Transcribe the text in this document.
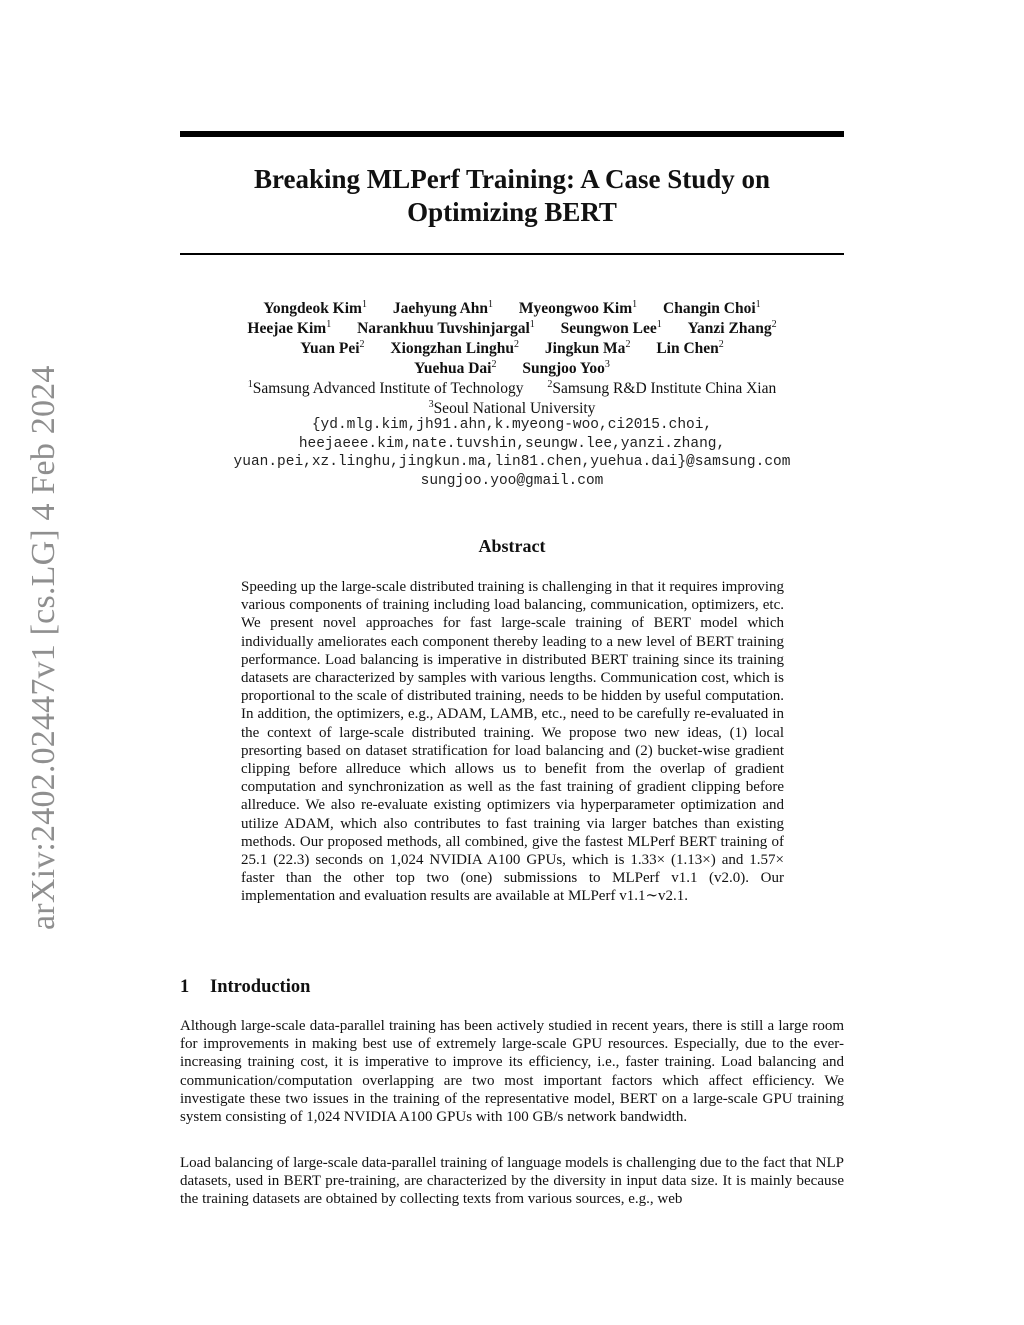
arXiv:2402.02447v1 [cs.LG] 4 Feb 2024
Breaking MLPerf Training: A Case Study on
Optimizing BERT
Yongdeok Kim$^1$ Jaehyung Ahn$^1$ Myeongwoo Kim$^1$ Changin Choi$^1$
Heejae Kim$^1$ Narankhuu Tuvshinjargal$^1$ Seungwon Lee$^1$ Yanzi Zhang$^2$
Yuan Pei$^2$ Xiongzhan Linghu$^2$ Jingkun Ma$^2$ Lin Chen$^2$
Yuehua Dai$^2$ Sungjoo Yoo$^3$
$^1$Samsung Advanced Institute of Technology $^2$Samsung R&D Institute China Xian
$^3$Seoul National University
{yd.mlg.kim,jh91.ahn,k.myeong-woo,ci2015.choi,
heejaeee.kim,nate.tuvshin,seungw.lee,yanzi.zhang,
yuan.pei,xz.linghu,jingkun.ma,lin81.chen,yuehua.dai}@samsung.com
sungjoo.yoo@gmail.com
Abstract
Speeding up the large-scale distributed training is challenging in that it requires improving various components of training including load balancing, communication, optimizers, etc. We present novel approaches for fast large-scale training of BERT model which individually ameliorates each component thereby leading to a new level of BERT training performance. Load balancing is imperative in distributed BERT training since its training datasets are characterized by samples with various lengths. Communication cost, which is proportional to the scale of distributed training, needs to be hidden by useful computation. In addition, the optimizers, e.g., ADAM, LAMB, etc., need to be carefully re-evaluated in the context of large-scale distributed training. We propose two new ideas, (1) local presorting based on dataset stratification for load balancing and (2) bucket-wise gradient clipping before allreduce which allows us to benefit from the overlap of gradient computation and synchronization as well as the fast training of gradient clipping before allreduce. We also re-evaluate existing optimizers via hyperparameter optimization and utilize ADAM, which also contributes to fast training via larger batches than existing methods. Our proposed methods, all combined, give the fastest MLPerf BERT training of 25.1 (22.3) seconds on 1,024 NVIDIA A100 GPUs, which is 1.33× (1.13×) and 1.57× faster than the other top two (one) submissions to MLPerf v1.1 (v2.0). Our implementation and evaluation results are available at MLPerf v1.1∼v2.1.
1 Introduction
Although large-scale data-parallel training has been actively studied in recent years, there is still a large room for improvements in making best use of extremely large-scale GPU resources. Especially, due to the ever-increasing training cost, it is imperative to improve its efficiency, i.e., faster training. Load balancing and communication/computation overlapping are two most important factors which affect efficiency. We investigate these two issues in the training of the representative model, BERT on a large-scale GPU training system consisting of 1,024 NVIDIA A100 GPUs with 100 GB/s network bandwidth.
Load balancing of large-scale data-parallel training of language models is challenging due to the fact that NLP datasets, used in BERT pre-training, are characterized by the diversity in input data size. It is mainly because the training datasets are obtained by collecting texts from various sources, e.g., web
